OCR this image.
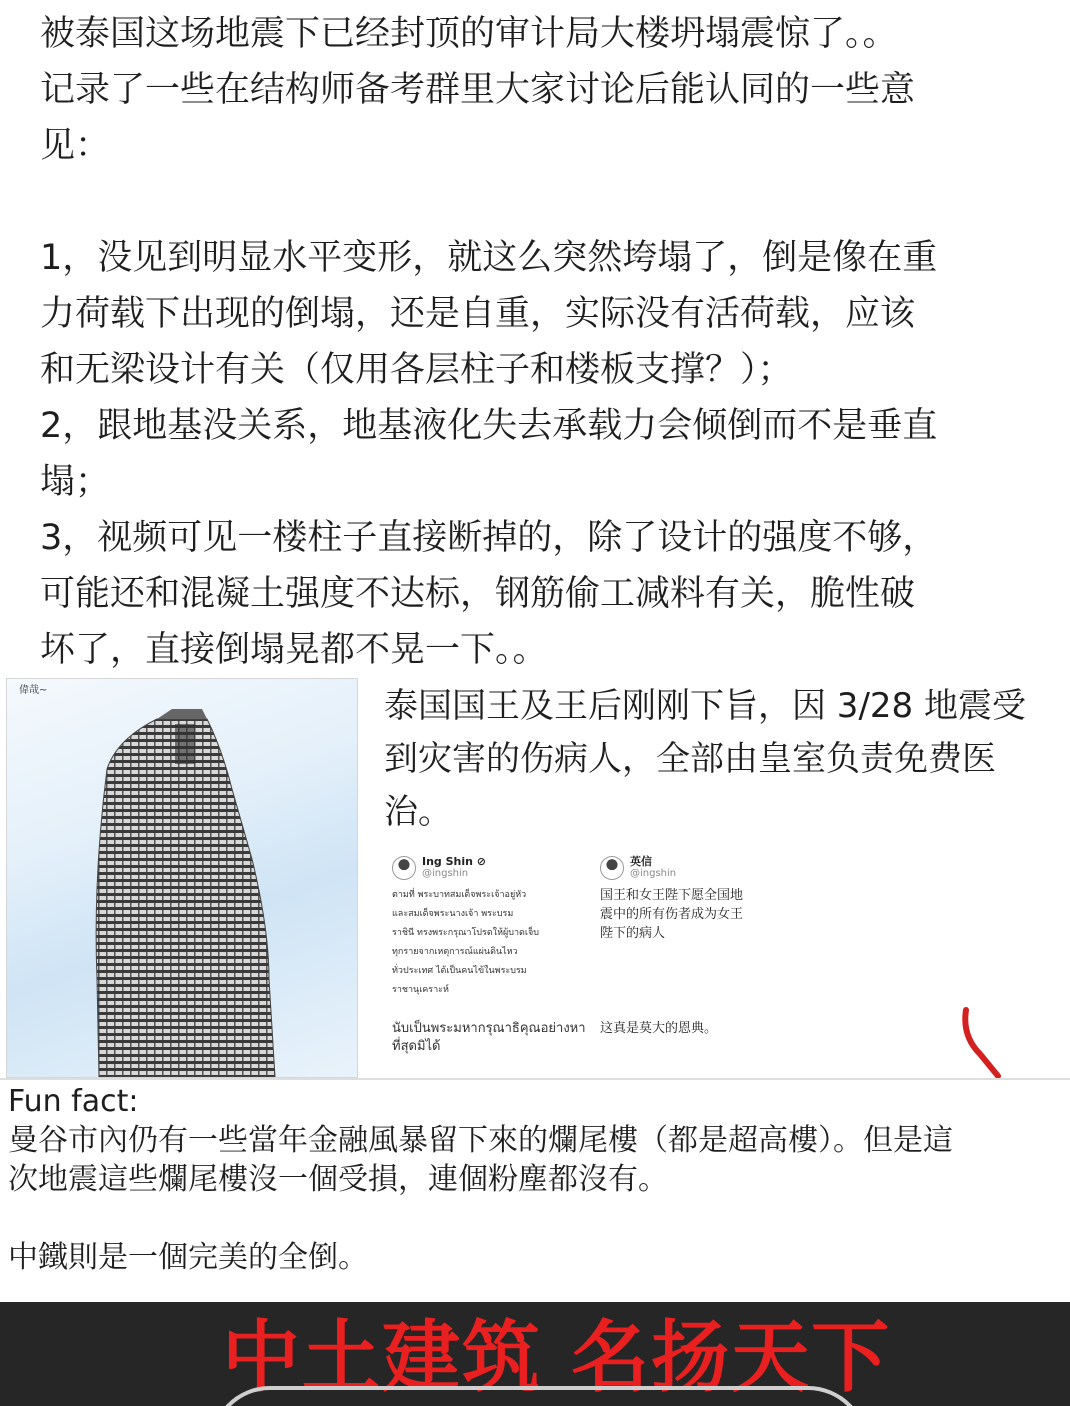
被泰国这场地震下已经封顶的审计局大楼坍塌震惊了。。

记录了一些在结构师备考群里大家讨论后能认同的一些意

见：

1，没见到明显水平变形，就这么突然垮塌了，倒是像在重

力荷载下出现的倒塌，还是自重，实际没有活荷载，应该

和无梁设计有关（仅用各层柱子和楼板支撑？）；

2，跟地基没关系，地基液化失去承载力会倾倒而不是垂直

塌；

3，视频可见一楼柱子直接断掉的，除了设计的强度不够，

可能还和混凝土强度不达标，钢筋偷工减料有关，脆性破

坏了，直接倒塌晃都不晃一下。。

偉哉~	泰国国王及王后刚刚下旨，因 3/28 地震受

到灾害的伤病人，全部由皇室负责免费医

治。

Ing Shin ⊘
@ingshin
ตามที่ พระบาทสมเด็จพระเจ้าอยู่หัว
และสมเด็จพระนางเจ้า พระบรม
ราชินี ทรงพระกรุณาโปรดให้ผู้บาดเจ็บ
ทุกรายจากเหตุการณ์แผ่นดินไหว
ทั่วประเทศ ได้เป็นคนไข้ในพระบรม
ราชานุเคราะห์
นับเป็นพระมหากรุณาธิคุณอย่างหา
ที่สุดมิได้
英信
@ingshin
国王和女王陛下愿全国地
震中的所有伤者成为女王
陛下的病人
这真是莫大的恩典。

Fun fact:

曼谷市內仍有一些當年金融風暴留下來的爛尾樓（都是超高樓）。但是這

次地震這些爛尾樓沒一個受損，連個粉塵都沒有。

中鐵則是一個完美的全倒。

中土建筑 名扬天下
